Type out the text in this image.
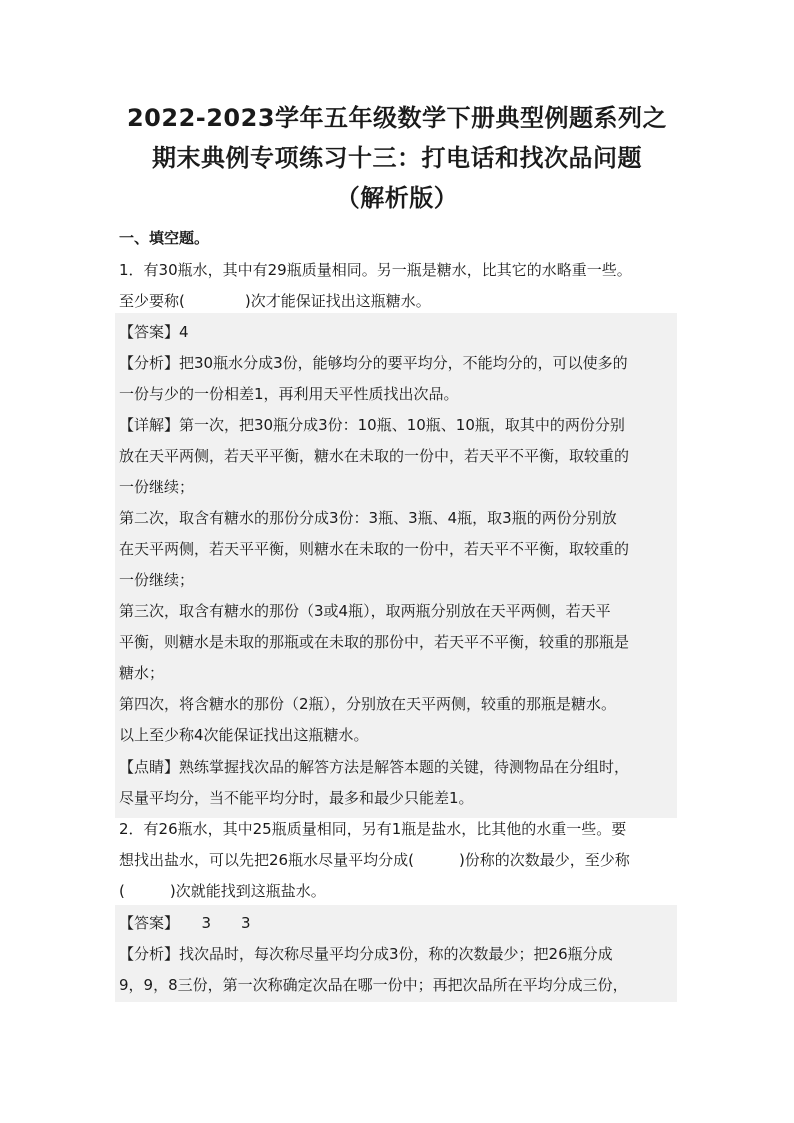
2022-2023学年五年级数学下册典型例题系列之
期末典例专项练习十三：打电话和找次品问题
（解析版）
一、填空题。
1．有30瓶水，其中有29瓶质量相同。另一瓶是糖水，比其它的水略重一些。
至少要称(　　　　)次才能保证找出这瓶糖水。
【答案】4
【分析】把30瓶水分成3份，能够均分的要平均分，不能均分的，可以使多的
一份与少的一份相差1，再利用天平性质找出次品。
【详解】第一次，把30瓶分成3份：10瓶、10瓶、10瓶，取其中的两份分别
放在天平两侧，若天平平衡，糖水在未取的一份中，若天平不平衡，取较重的
一份继续；
第二次，取含有糖水的那份分成3份：3瓶、3瓶、4瓶，取3瓶的两份分别放
在天平两侧，若天平平衡，则糖水在未取的一份中，若天平不平衡，取较重的
一份继续；
第三次，取含有糖水的那份（3或4瓶），取两瓶分别放在天平两侧，若天平
平衡，则糖水是未取的那瓶或在未取的那份中，若天平不平衡，较重的那瓶是
糖水；
第四次，将含糖水的那份（2瓶），分别放在天平两侧，较重的那瓶是糖水。
以上至少称4次能保证找出这瓶糖水。
【点睛】熟练掌握找次品的解答方法是解答本题的关键，待测物品在分组时，
尽量平均分，当不能平均分时，最多和最少只能差1。
2．有26瓶水，其中25瓶质量相同，另有1瓶是盐水，比其他的水重一些。要
想找出盐水，可以先把26瓶水尽量平均分成(　　　)份称的次数最少，至少称
(　　　)次就能找到这瓶盐水。
【答案】　　3　　3
【分析】找次品时，每次称尽量平均分成3份，称的次数最少；把26瓶分成
9，9，8三份，第一次称确定次品在哪一份中；再把次品所在平均分成三份，
